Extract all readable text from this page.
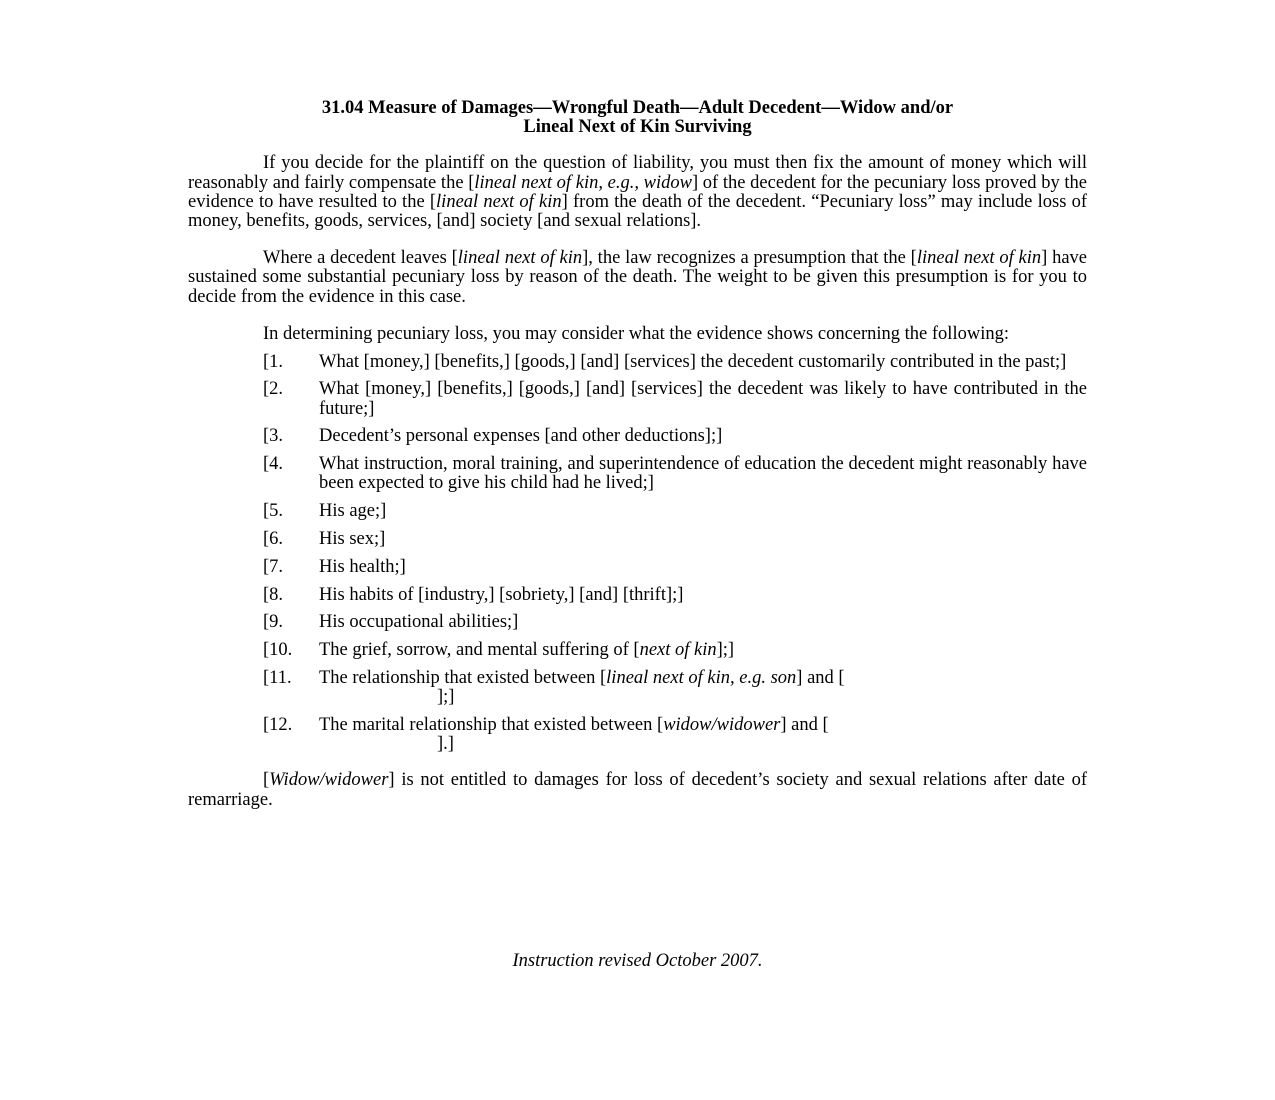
31.04 Measure of Damages—Wrongful Death—Adult Decedent—Widow and/or
Lineal Next of Kin Surviving

If you decide for the plaintiff on the question of liability, you must then fix the amount of money which will reasonably and fairly compensate the [lineal next of kin, e.g., widow] of the decedent for the pecuniary loss proved by the evidence to have resulted to the [lineal next of kin] from the death of the decedent. “Pecuniary loss” may include loss of money, benefits, goods, services, [and] society [and sexual relations].

Where a decedent leaves [lineal next of kin], the law recognizes a presumption that the [lineal next of kin] have sustained some substantial pecuniary loss by reason of the death. The weight to be given this presumption is for you to decide from the evidence in this case.

In determining pecuniary loss, you may consider what the evidence shows concerning the following:

[1. What [money,] [benefits,] [goods,] [and] [services] the decedent customarily contributed in the past;]
[2. What [money,] [benefits,] [goods,] [and] [services] the decedent was likely to have contributed in the future;]
[3. Decedent’s personal expenses [and other deductions];]
[4. What instruction, moral training, and superintendence of education the decedent might reasonably have been expected to give his child had he lived;]
[5. His age;]
[6. His sex;]
[7. His health;]
[8. His habits of [industry,] [sobriety,] [and] [thrift];]
[9. His occupational abilities;]
[10. The grief, sorrow, and mental suffering of [next of kin];]
[11. The relationship that existed between [lineal next of kin, e.g. son] and [
];]
[12. The marital relationship that existed between [widow/widower] and [
].]

[Widow/widower] is not entitled to damages for loss of decedent’s society and sexual relations after date of remarriage.

Instruction revised October 2007.
